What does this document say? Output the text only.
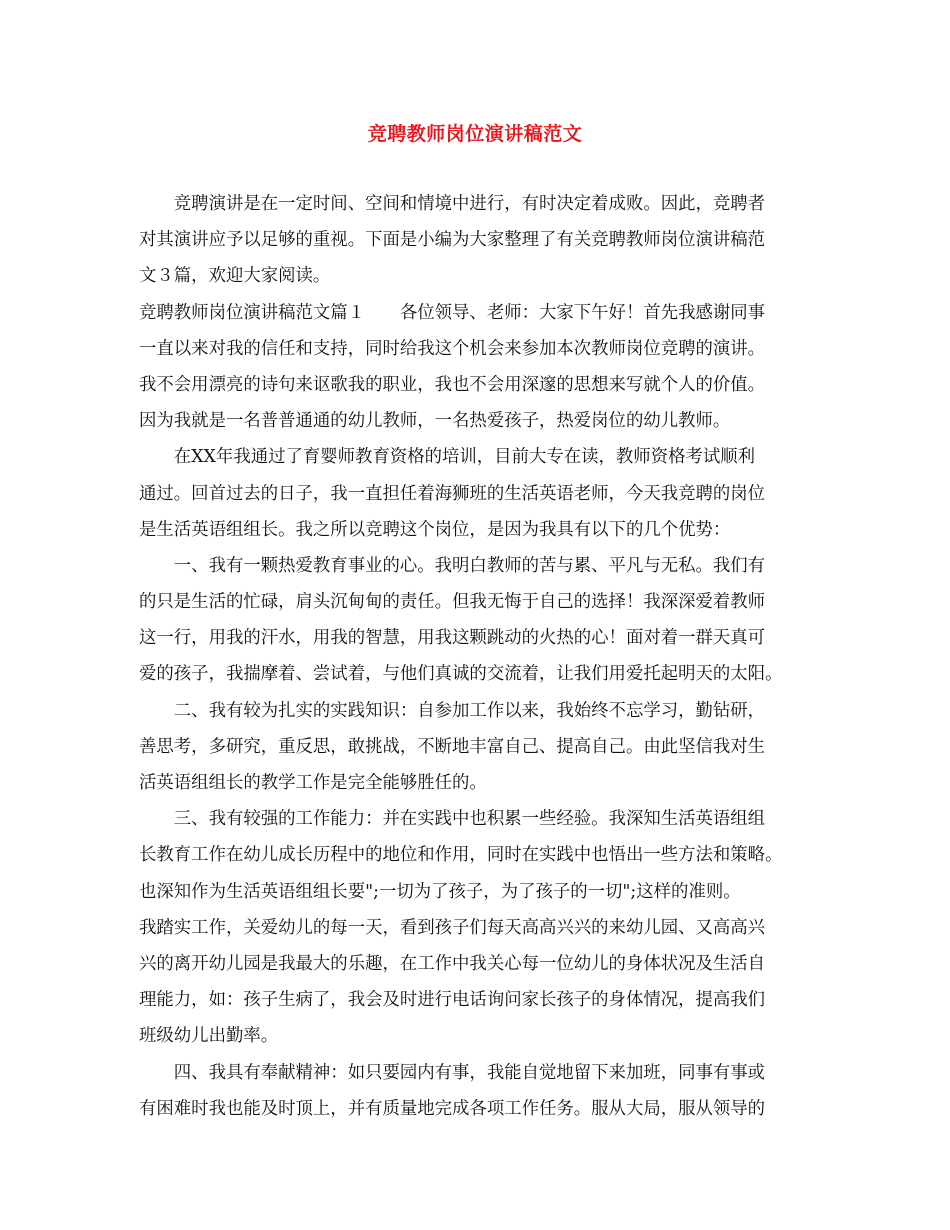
竞聘教师岗位演讲稿范文
　　竞聘演讲是在一定时间、空间和情境中进行，有时决定着成败。因此，竞聘者
对其演讲应予以足够的重视。下面是小编为大家整理了有关竞聘教师岗位演讲稿范
文３篇，欢迎大家阅读。
竞聘教师岗位演讲稿范文篇１　　各位领导、老师：大家下午好！首先我感谢同事
一直以来对我的信任和支持，同时给我这个机会来参加本次教师岗位竞聘的演讲。
我不会用漂亮的诗句来讴歌我的职业，我也不会用深邃的思想来写就个人的价值。
因为我就是一名普普通通的幼儿教师，一名热爱孩子，热爱岗位的幼儿教师。
　　在XX年我通过了育婴师教育资格的培训，目前大专在读，教师资格考试顺利
通过。回首过去的日子，我一直担任着海狮班的生活英语老师，今天我竞聘的岗位
是生活英语组组长。我之所以竞聘这个岗位，是因为我具有以下的几个优势：
　　一、我有一颗热爱教育事业的心。我明白教师的苦与累、平凡与无私。我们有
的只是生活的忙碌，肩头沉甸甸的责任。但我无悔于自己的选择！我深深爱着教师
这一行，用我的汗水，用我的智慧，用我这颗跳动的火热的心！面对着一群天真可
爱的孩子，我揣摩着、尝试着，与他们真诚的交流着，让我们用爱托起明天的太阳。
　　二、我有较为扎实的实践知识：自参加工作以来，我始终不忘学习，勤钻研，
善思考，多研究，重反思，敢挑战，不断地丰富自己、提高自己。由此坚信我对生
活英语组组长的教学工作是完全能够胜任的。
　　三、我有较强的工作能力：并在实践中也积累一些经验。我深知生活英语组组
长教育工作在幼儿成长历程中的地位和作用，同时在实践中也悟出一些方法和策略。
也深知作为生活英语组组长要";一切为了孩子，为了孩子的一切";这样的准则。
我踏实工作，关爱幼儿的每一天，看到孩子们每天高高兴兴的来幼儿园、又高高兴
兴的离开幼儿园是我最大的乐趣，在工作中我关心每一位幼儿的身体状况及生活自
理能力，如：孩子生病了，我会及时进行电话询问家长孩子的身体情况，提高我们
班级幼儿出勤率。
　　四、我具有奉献精神：如只要园内有事，我能自觉地留下来加班，同事有事或
有困难时我也能及时顶上，并有质量地完成各项工作任务。服从大局，服从领导的
